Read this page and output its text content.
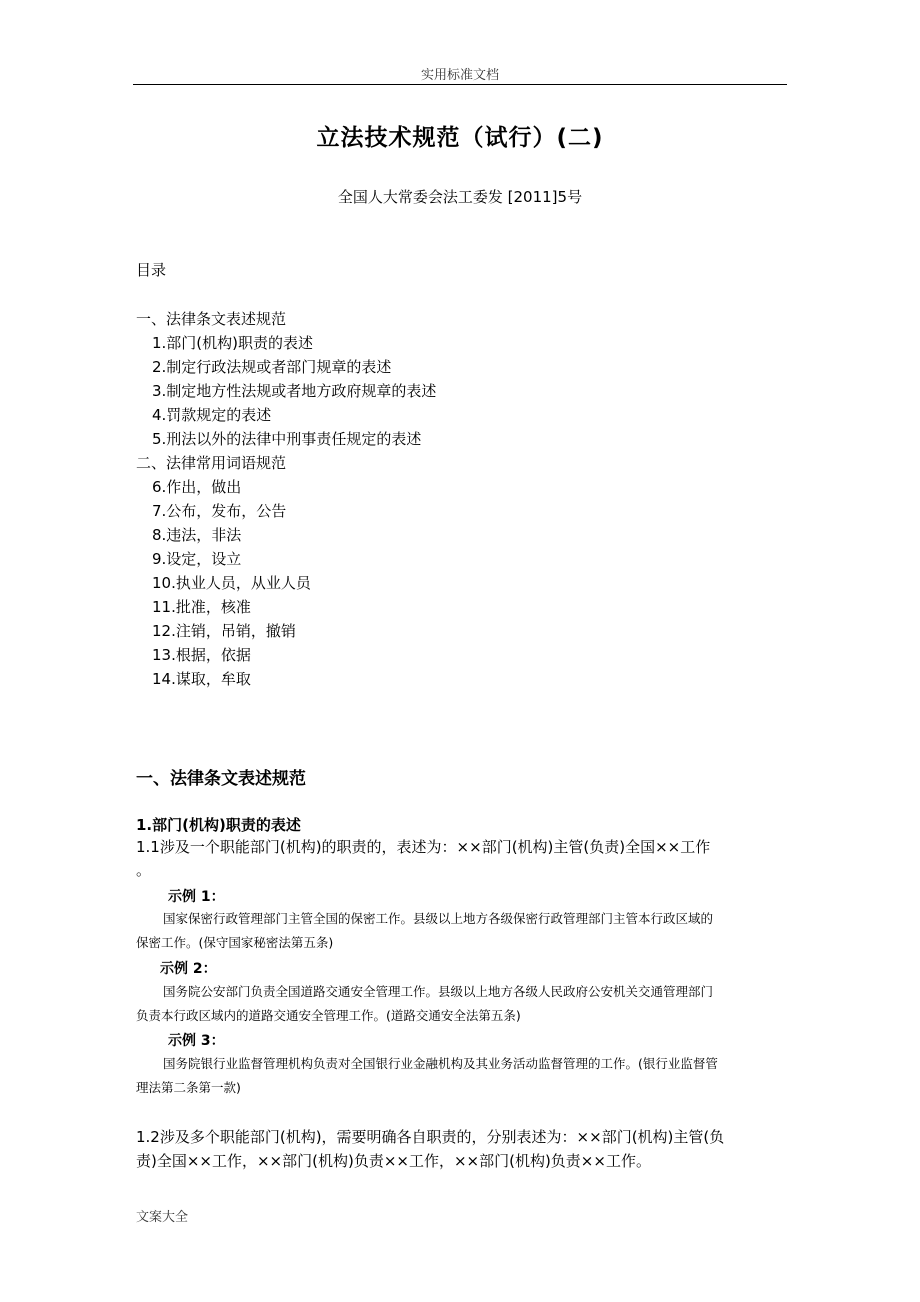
实用标准文档
立法技术规范（试行）(二)
全国人大常委会法工委发 [2011]5号
目录
一、法律条文表述规范
1.部门(机构)职责的表述
2.制定行政法规或者部门规章的表述
3.制定地方性法规或者地方政府规章的表述
4.罚款规定的表述
5.刑法以外的法律中刑事责任规定的表述
二、法律常用词语规范
6.作出，做出
7.公布，发布，公告
8.违法，非法
9.设定，设立
10.执业人员，从业人员
11.批准，核准
12.注销，吊销，撤销
13.根据，依据
14.谋取，牟取
一、法律条文表述规范
1.部门(机构)职责的表述
1.1涉及一个职能部门(机构)的职责的，表述为：××部门(机构)主管(负责)全国××工作
。
示例 1：
国家保密行政管理部门主管全国的保密工作。县级以上地方各级保密行政管理部门主管本行政区域的
保密工作。(保守国家秘密法第五条)
示例 2：
国务院公安部门负责全国道路交通安全管理工作。县级以上地方各级人民政府公安机关交通管理部门
负责本行政区域内的道路交通安全管理工作。(道路交通安全法第五条)
示例 3：
国务院银行业监督管理机构负责对全国银行业金融机构及其业务活动监督管理的工作。(银行业监督管
理法第二条第一款)
1.2涉及多个职能部门(机构)，需要明确各自职责的，分别表述为：××部门(机构)主管(负
责)全国××工作，××部门(机构)负责××工作，××部门(机构)负责××工作。
文案大全
